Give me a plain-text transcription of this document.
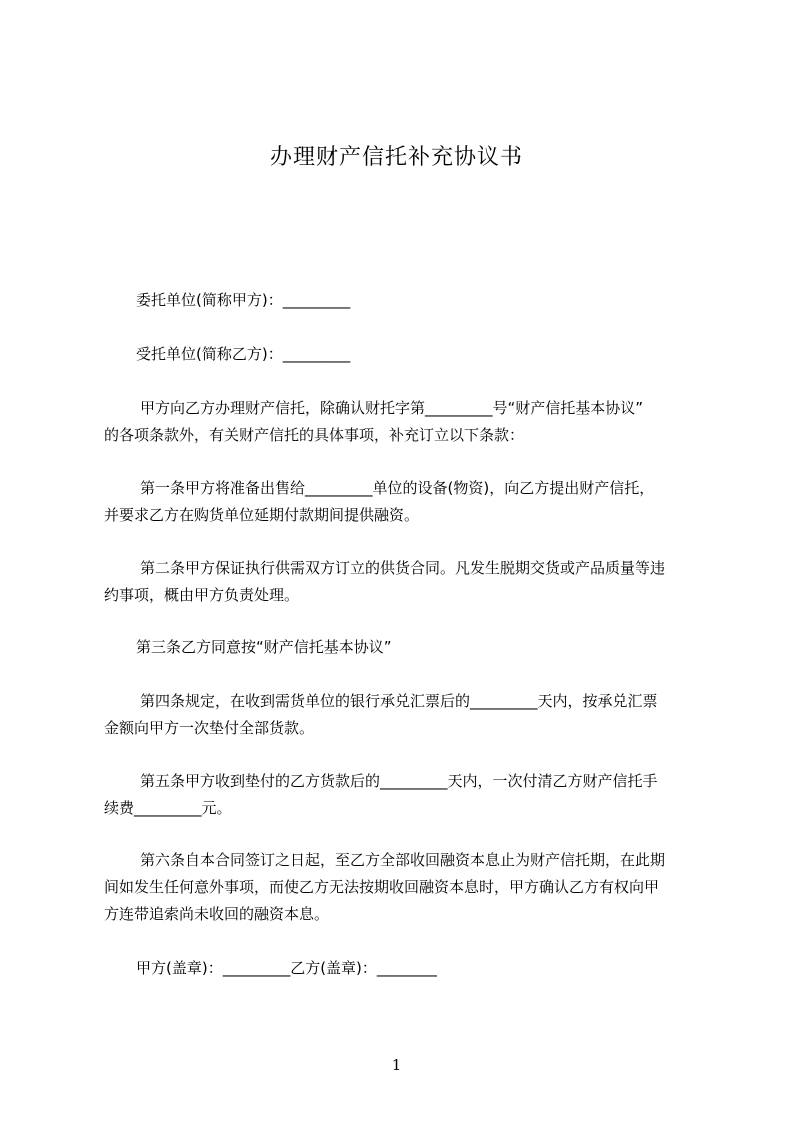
办理财产信托补充协议书

委托单位(简称甲方)：_________

受托单位(简称乙方)：_________

甲方向乙方办理财产信托，除确认财托字第_________号“财产信托基本协议”

的各项条款外，有关财产信托的具体事项，补充订立以下条款：

第一条甲方将准备出售给_________单位的设备(物资)，向乙方提出财产信托，

并要求乙方在购货单位延期付款期间提供融资。

第二条甲方保证执行供需双方订立的供货合同。凡发生脱期交货或产品质量等违

约事项，概由甲方负责处理。

第三条乙方同意按“财产信托基本协议”

第四条规定，在收到需货单位的银行承兑汇票后的_________天内，按承兑汇票

金额向甲方一次垫付全部货款。

第五条甲方收到垫付的乙方货款后的_________天内，一次付清乙方财产信托手

续费_________元。

第六条自本合同签订之日起，至乙方全部收回融资本息止为财产信托期，在此期

间如发生任何意外事项，而使乙方无法按期收回融资本息时，甲方确认乙方有权向甲

方连带追索尚未收回的融资本息。

甲方(盖章)：_________乙方(盖章)：________

1
